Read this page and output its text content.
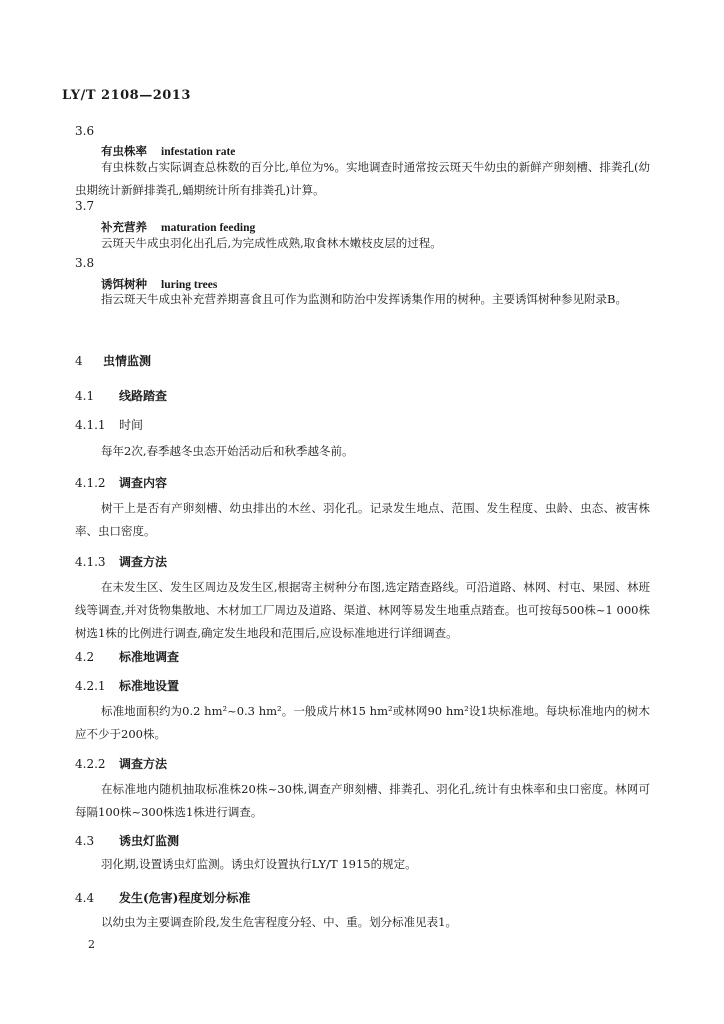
LY/T 2108—2013
3.6
有虫株率 infestation rate
有虫株数占实际调查总株数的百分比,单位为%。实地调查时通常按云斑天牛幼虫的新鲜产卵刻槽、排粪孔(幼虫期统计新鲜排粪孔,蛹期统计所有排粪孔)计算。
3.7
补充营养 maturation feeding
云斑天牛成虫羽化出孔后,为完成性成熟,取食林木嫩枝皮层的过程。
3.8
诱饵树种 luring trees
指云斑天牛成虫补充营养期喜食且可作为监测和防治中发挥诱集作用的树种。主要诱饵树种参见附录B。
4 虫情监测
4.1 线路踏查
4.1.1 时间
每年2次,春季越冬虫态开始活动后和秋季越冬前。
4.1.2 调查内容
树干上是否有产卵刻槽、幼虫排出的木丝、羽化孔。记录发生地点、范围、发生程度、虫龄、虫态、被害株率、虫口密度。
4.1.3 调查方法
在未发生区、发生区周边及发生区,根据寄主树种分布图,选定踏查路线。可沿道路、林网、村屯、果园、林班线等调查,并对货物集散地、木材加工厂周边及道路、渠道、林网等易发生地重点踏查。也可按每500株~1 000株树选1株的比例进行调查,确定发生地段和范围后,应设标准地进行详细调查。
4.2 标准地调查
4.2.1 标准地设置
标准地面积约为0.2 hm²~0.3 hm²。一般成片林15 hm²或林网90 hm²设1块标准地。每块标准地内的树木应不少于200株。
4.2.2 调查方法
在标准地内随机抽取标准株20株~30株,调查产卵刻槽、排粪孔、羽化孔,统计有虫株率和虫口密度。林网可每隔100株~300株选1株进行调查。
4.3 诱虫灯监测
羽化期,设置诱虫灯监测。诱虫灯设置执行LY/T 1915的规定。
4.4 发生(危害)程度划分标准
以幼虫为主要调查阶段,发生危害程度分轻、中、重。划分标准见表1。
2
